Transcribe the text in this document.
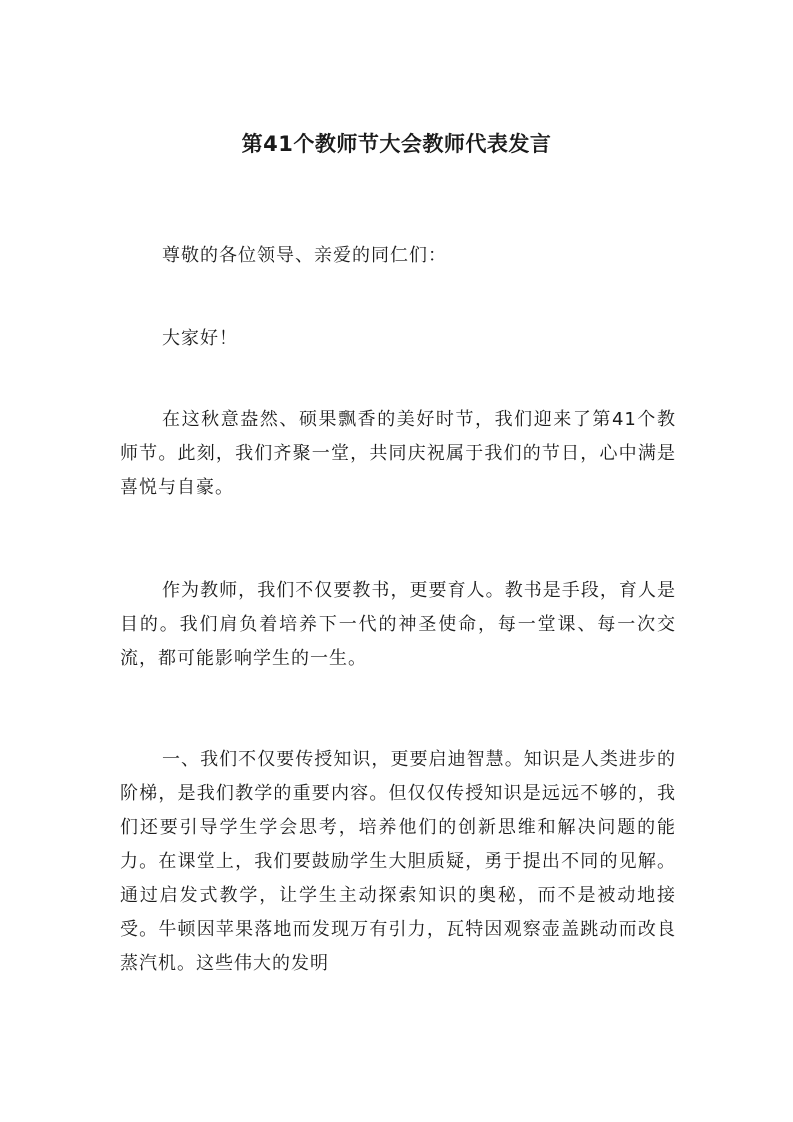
第41个教师节大会教师代表发言

尊敬的各位领导、亲爱的同仁们：

大家好！

在这秋意盎然、硕果飘香的美好时节，我们迎来了第41个教师节。此刻，我们齐聚一堂，共同庆祝属于我们的节日，心中满是喜悦与自豪。

作为教师，我们不仅要教书，更要育人。教书是手段，育人是目的。我们肩负着培养下一代的神圣使命，每一堂课、每一次交流，都可能影响学生的一生。

一、我们不仅要传授知识，更要启迪智慧。知识是人类进步的阶梯，是我们教学的重要内容。但仅仅传授知识是远远不够的，我们还要引导学生学会思考，培养他们的创新思维和解决问题的能力。在课堂上，我们要鼓励学生大胆质疑，勇于提出不同的见解。通过启发式教学，让学生主动探索知识的奥秘，而不是被动地接受。牛顿因苹果落地而发现万有引力，瓦特因观察壶盖跳动而改良蒸汽机。这些伟大的发明
